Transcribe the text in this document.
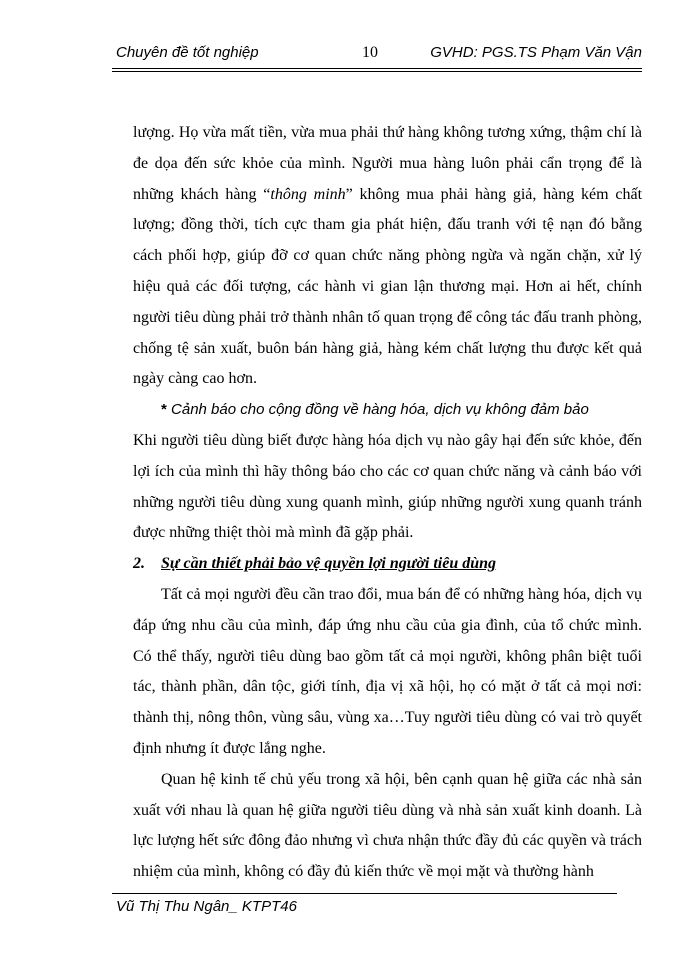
Chuyên đề tốt nghiệp	10	GVHD: PGS.TS Phạm Văn Vận

lượng. Họ vừa mất tiền, vừa mua phải thứ hàng không tương xứng, thậm chí là đe dọa đến sức khỏe của mình. Người mua hàng luôn phải cẩn trọng để là những khách hàng “thông minh” không mua phải hàng giả, hàng kém chất lượng; đồng thời, tích cực tham gia phát hiện, đấu tranh với tệ nạn đó bằng cách phối hợp, giúp đỡ cơ quan chức năng phòng ngừa và ngăn chặn, xử lý hiệu quả các đối tượng, các hành vi gian lận thương mại. Hơn ai hết, chính người tiêu dùng phải trở thành nhân tố quan trọng để công tác đấu tranh phòng, chống tệ sản xuất, buôn bán hàng giả, hàng kém chất lượng thu được kết quả ngày càng cao hơn.

* Cảnh báo cho cộng đồng về hàng hóa, dịch vụ không đảm bảo

Khi người tiêu dùng biết được hàng hóa dịch vụ nào gây hại đến sức khỏe, đến lợi ích của mình thì hãy thông báo cho các cơ quan chức năng và cảnh báo với những người tiêu dùng xung quanh mình, giúp những người xung quanh tránh được những thiệt thòi mà mình đã gặp phải.

2. Sự cần thiết phải bảo vệ quyền lợi người tiêu dùng

Tất cả mọi người đều cần trao đổi, mua bán để có những hàng hóa, dịch vụ đáp ứng nhu cầu của mình, đáp ứng nhu cầu của gia đình, của tổ chức mình. Có thể thấy, người tiêu dùng bao gồm tất cả mọi người, không phân biệt tuổi tác, thành phần, dân tộc, giới tính, địa vị xã hội, họ có mặt ở tất cả mọi nơi: thành thị, nông thôn, vùng sâu, vùng xa…Tuy người tiêu dùng có vai trò quyết định nhưng ít được lắng nghe.

Quan hệ kinh tế chủ yếu trong xã hội, bên cạnh quan hệ giữa các nhà sản xuất với nhau là quan hệ giữa người tiêu dùng và nhà sản xuất kinh doanh. Là lực lượng hết sức đông đảo nhưng vì chưa nhận thức đầy đủ các quyền và trách nhiệm của mình, không có đầy đủ kiến thức về mọi mặt và thường hành

Vũ Thị Thu Ngân_ KTPT46
